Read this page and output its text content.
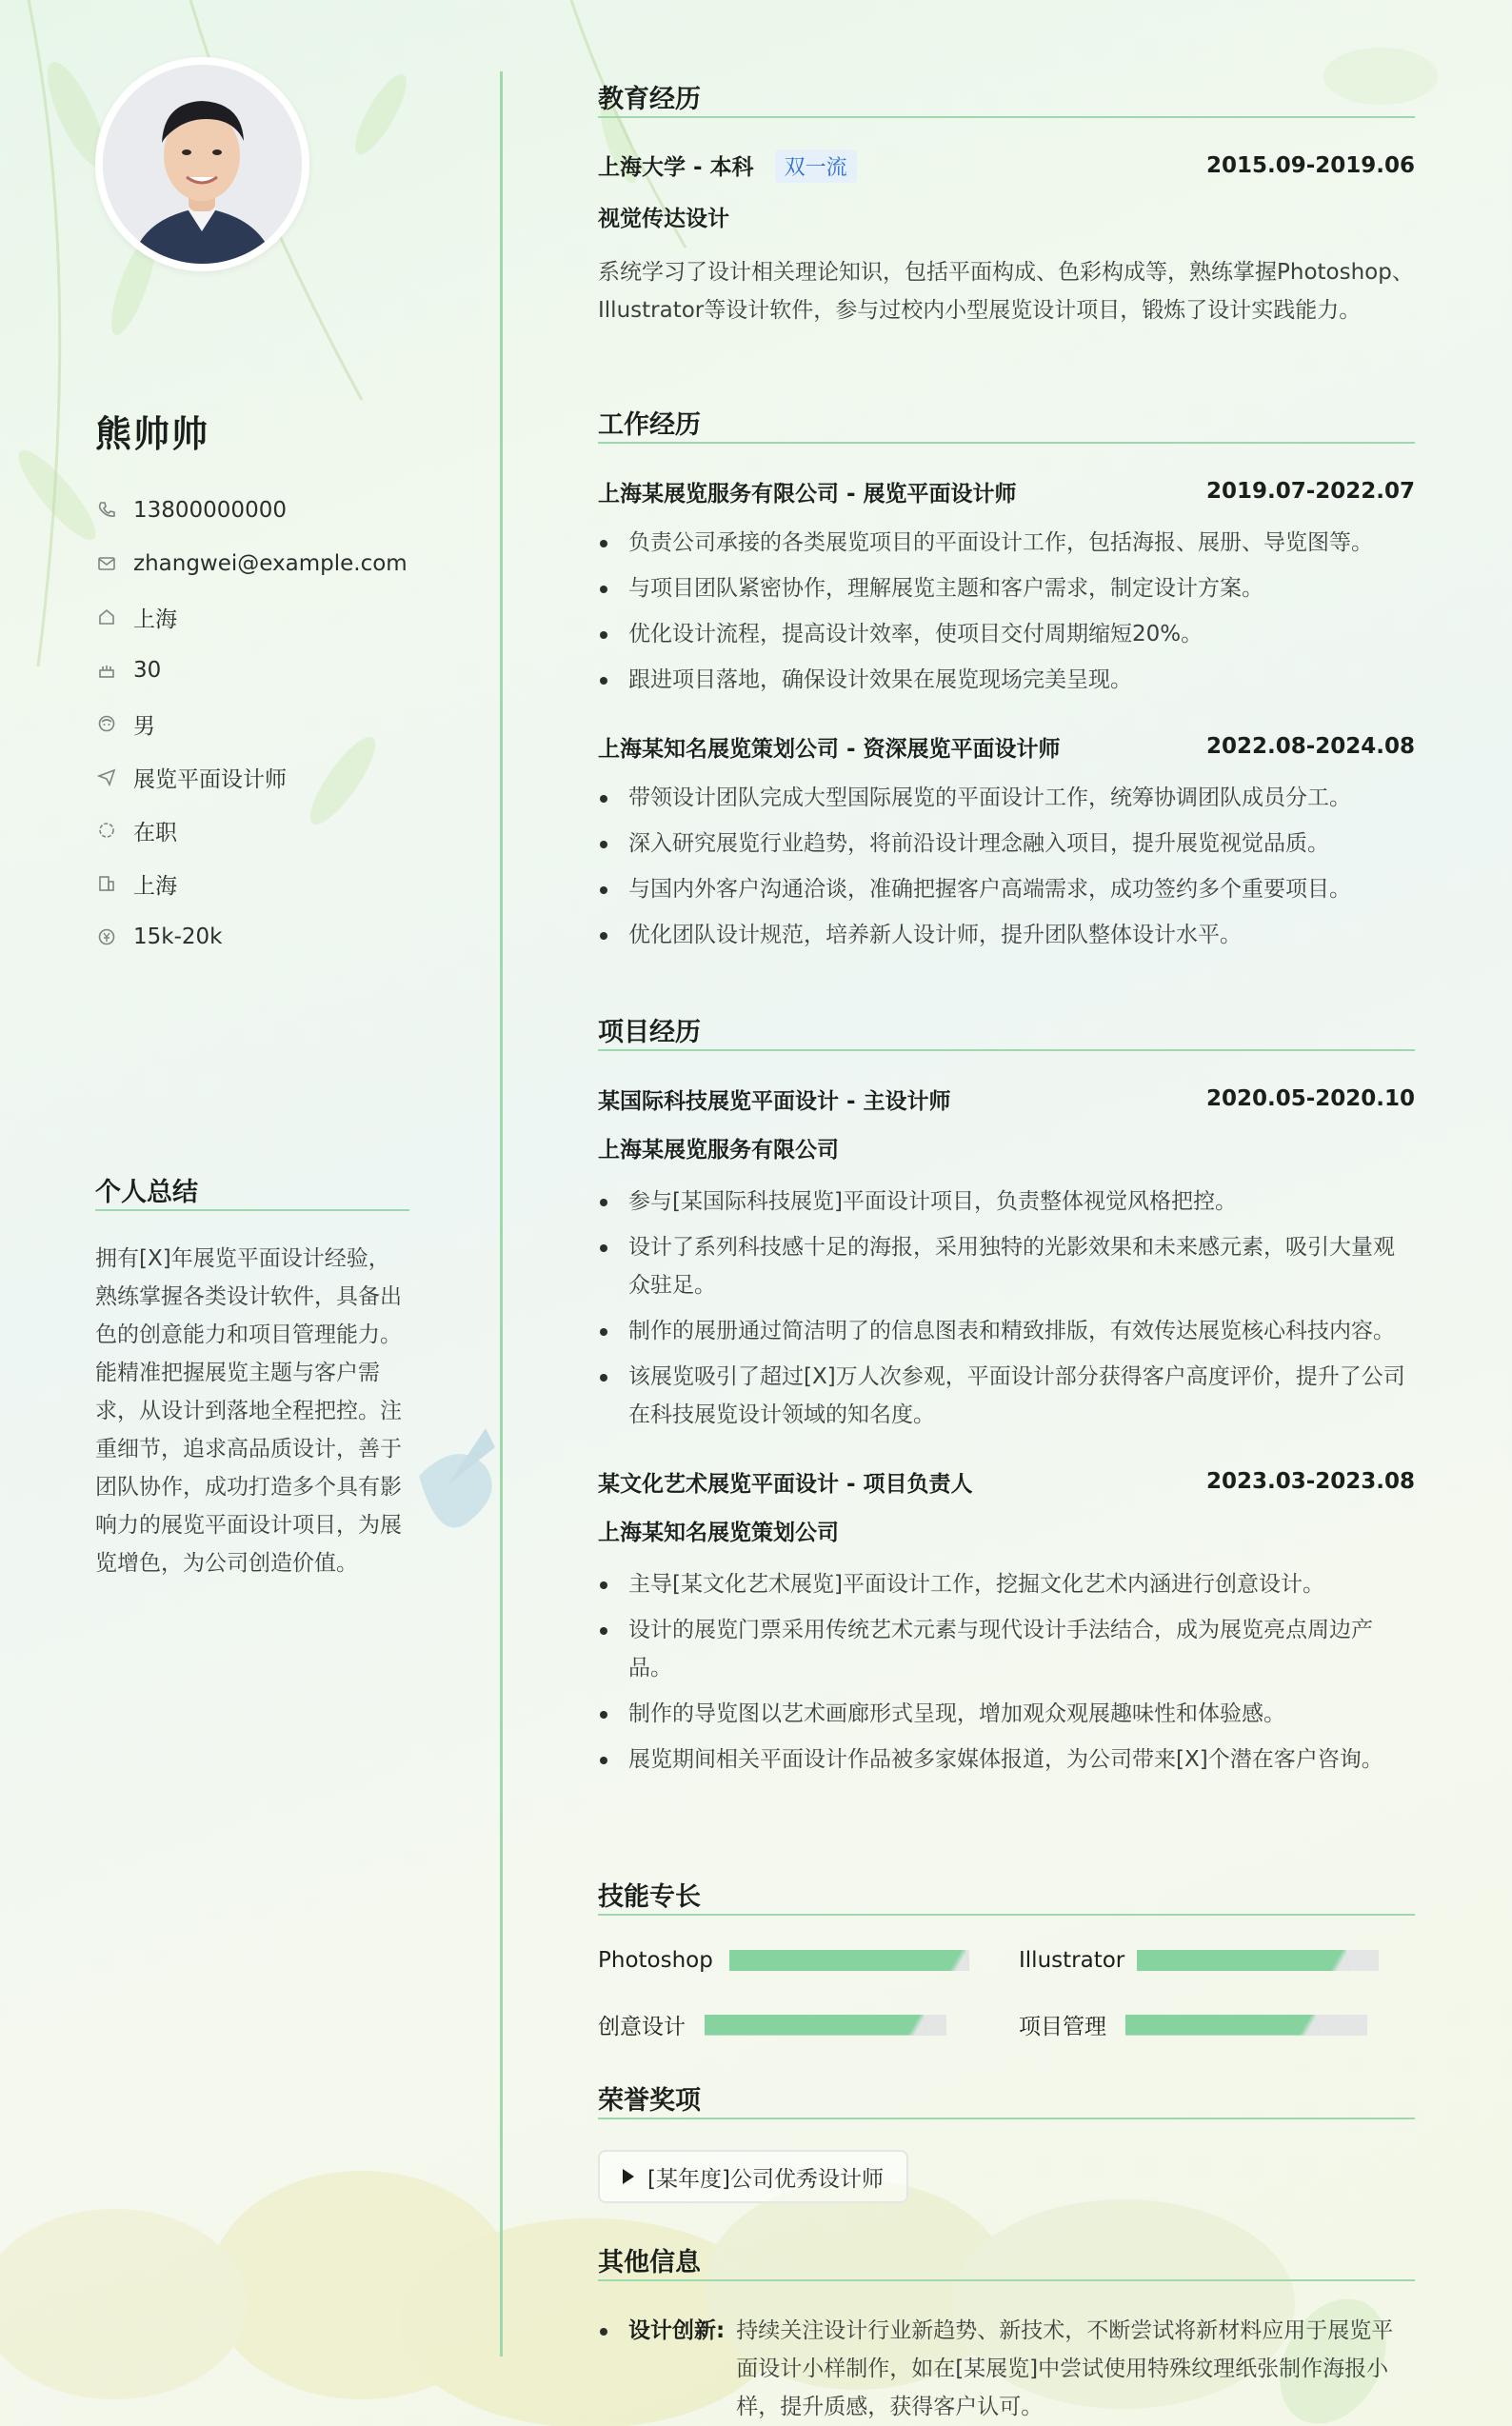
熊帅帅
13800000000
zhangwei@example.com
上海
30
男
展览平面设计师
在职
上海
15k-20k
个人总结
拥有[X]年展览平面设计经验，熟练掌握各类设计软件，具备出色的创意能力和项目管理能力。能精准把握展览主题与客户需求，从设计到落地全程把控。注重细节，追求高品质设计，善于团队协作，成功打造多个具有影响力的展览平面设计项目，为展览增色，为公司创造价值。
教育经历
上海大学 - 本科 双一流	2015.09-2019.06
视觉传达设计
系统学习了设计相关理论知识，包括平面构成、色彩构成等，熟练掌握Photoshop、Illustrator等设计软件，参与过校内小型展览设计项目，锻炼了设计实践能力。
工作经历
上海某展览服务有限公司 - 展览平面设计师	2019.07-2022.07
负责公司承接的各类展览项目的平面设计工作，包括海报、展册、导览图等。
与项目团队紧密协作，理解展览主题和客户需求，制定设计方案。
优化设计流程，提高设计效率，使项目交付周期缩短20%。
跟进项目落地，确保设计效果在展览现场完美呈现。
上海某知名展览策划公司 - 资深展览平面设计师	2022.08-2024.08
带领设计团队完成大型国际展览的平面设计工作，统筹协调团队成员分工。
深入研究展览行业趋势，将前沿设计理念融入项目，提升展览视觉品质。
与国内外客户沟通洽谈，准确把握客户高端需求，成功签约多个重要项目。
优化团队设计规范，培养新人设计师，提升团队整体设计水平。
项目经历
某国际科技展览平面设计 - 主设计师	2020.05-2020.10
上海某展览服务有限公司
参与[某国际科技展览]平面设计项目，负责整体视觉风格把控。
设计了系列科技感十足的海报，采用独特的光影效果和未来感元素，吸引大量观众驻足。
制作的展册通过简洁明了的信息图表和精致排版，有效传达展览核心科技内容。
该展览吸引了超过[X]万人次参观，平面设计部分获得客户高度评价，提升了公司在科技展览设计领域的知名度。
某文化艺术展览平面设计 - 项目负责人	2023.03-2023.08
上海某知名展览策划公司
主导[某文化艺术展览]平面设计工作，挖掘文化艺术内涵进行创意设计。
设计的展览门票采用传统艺术元素与现代设计手法结合，成为展览亮点周边产品。
制作的导览图以艺术画廊形式呈现，增加观众观展趣味性和体验感。
展览期间相关平面设计作品被多家媒体报道，为公司带来[X]个潜在客户咨询。
技能专长
Photoshop	Illustrator
创意设计	项目管理
荣誉奖项
[某年度]公司优秀设计师
其他信息
设计创新: 持续关注设计行业新趋势、新技术，不断尝试将新材料应用于展览平面设计小样制作，如在[某展览]中尝试使用特殊纹理纸张制作海报小样，提升质感，获得客户认可。
